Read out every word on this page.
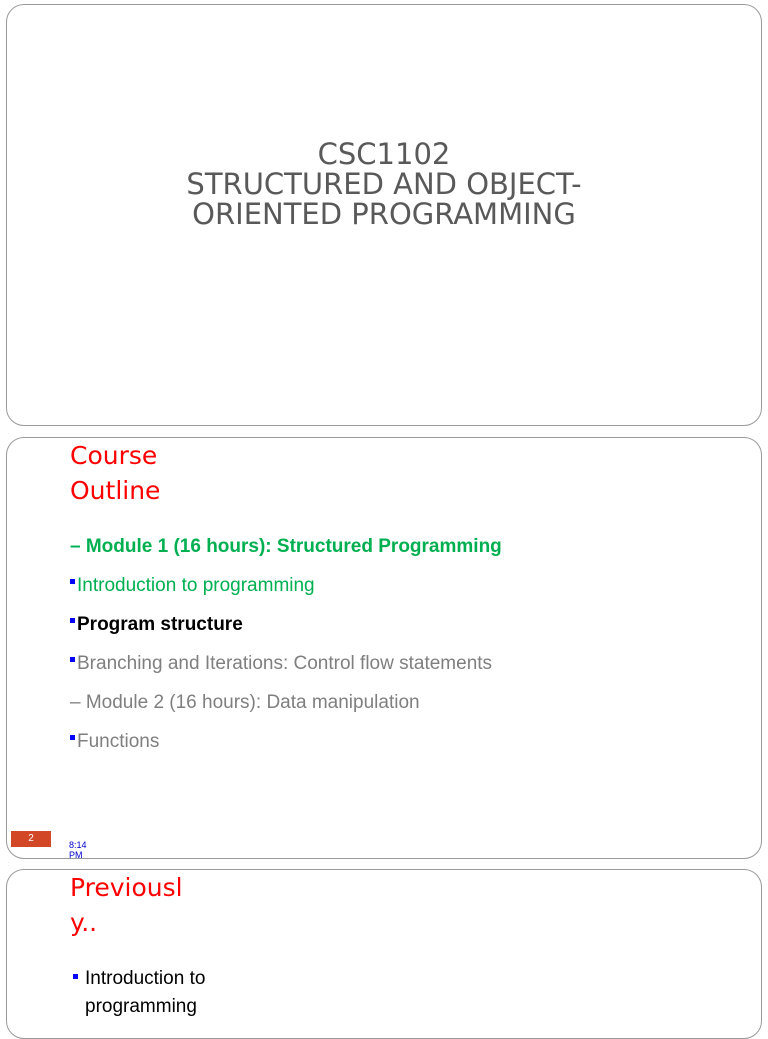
CSC1102
STRUCTURED AND OBJECT-
ORIENTED PROGRAMMING
Course
Outline
– Module 1 (16 hours): Structured Programming
Introduction to programming
Program structure
Branching and Iterations: Control flow statements
– Module 2 (16 hours): Data manipulation
Functions
2
8:14
PM
Previousl
y..
Introduction to programming
